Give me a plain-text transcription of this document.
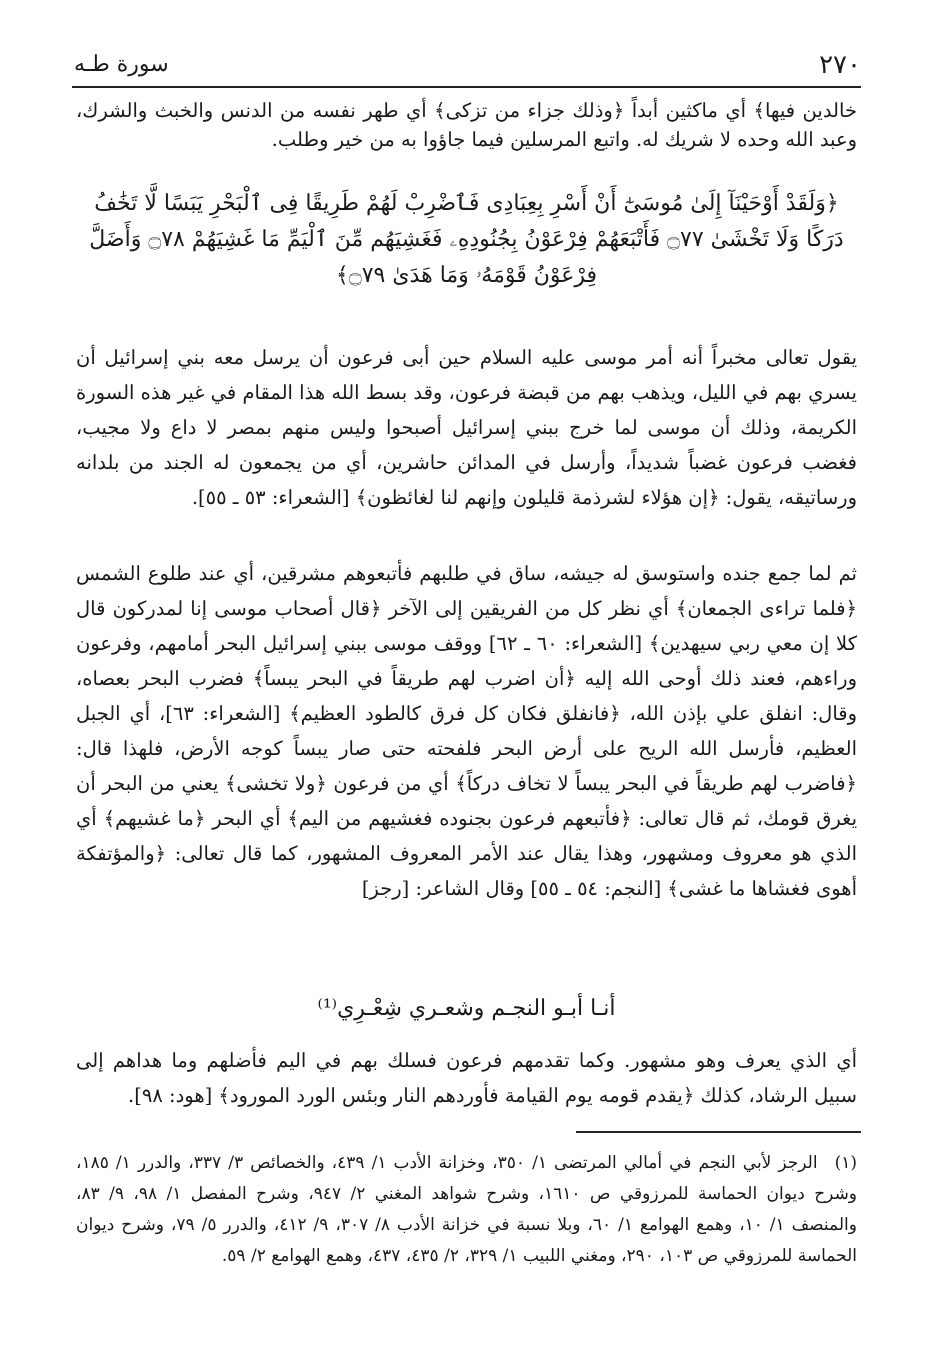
٢٧٠
سورة طـه

خالدين فيها﴾ أي ماكثين أبداً ﴿وذلك جزاء من تزكى﴾ أي طهر نفسه من الدنس والخبث والشرك، وعبد الله وحده لا شريك له. واتبع المرسلين فيما جاؤوا به من خير وطلب.

﴿وَلَقَدْ أَوْحَيْنَآ إِلَىٰ مُوسَىٰٓ أَنْ أَسْرِ بِعِبَادِى فَٱضْرِبْ لَهُمْ طَرِيقًا فِى ٱلْبَحْرِ يَبَسًا لَّا تَخَٰفُ دَرَكًا وَلَا تَخْشَىٰ ۝٧٧ فَأَتْبَعَهُمْ فِرْعَوْنُ بِجُنُودِهِۦ فَغَشِيَهُم مِّنَ ٱلْيَمِّ مَا غَشِيَهُمْ ۝٧٨ وَأَضَلَّ فِرْعَوْنُ قَوْمَهُۥ وَمَا هَدَىٰ ۝٧٩﴾

يقول تعالى مخبراً أنه أمر موسى عليه السلام حين أبى فرعون أن يرسل معه بني إسرائيل أن يسري بهم في الليل، ويذهب بهم من قبضة فرعون، وقد بسط الله هذا المقام في غير هذه السورة الكريمة، وذلك أن موسى لما خرج ببني إسرائيل أصبحوا وليس منهم بمصر لا داع ولا مجيب، فغضب فرعون غضباً شديداً، وأرسل في المدائن حاشرين، أي من يجمعون له الجند من بلدانه ورساتيقه، يقول: ﴿إن هؤلاء لشرذمة قليلون وإنهم لنا لغائظون﴾ [الشعراء: ٥٣ ـ ٥٥].

ثم لما جمع جنده واستوسق له جيشه، ساق في طلبهم فأتبعوهم مشرقين، أي عند طلوع الشمس ﴿فلما تراءى الجمعان﴾ أي نظر كل من الفريقين إلى الآخر ﴿قال أصحاب موسى إنا لمدركون قال كلا إن معي ربي سيهدين﴾ [الشعراء: ٦٠ ـ ٦٢] ووقف موسى ببني إسرائيل البحر أمامهم، وفرعون وراءهم، فعند ذلك أوحى الله إليه ﴿أن اضرب لهم طريقاً في البحر يبساً﴾ فضرب البحر بعصاه، وقال: انفلق علي بإذن الله، ﴿فانفلق فكان كل فرق كالطود العظيم﴾ [الشعراء: ٦٣]، أي الجبل العظيم، فأرسل الله الريح على أرض البحر فلفحته حتى صار يبساً كوجه الأرض، فلهذا قال: ﴿فاضرب لهم طريقاً في البحر يبساً لا تخاف دركاً﴾ أي من فرعون ﴿ولا تخشى﴾ يعني من البحر أن يغرق قومك، ثم قال تعالى: ﴿فأتبعهم فرعون بجنوده فغشيهم من اليم﴾ أي البحر ﴿ما غشيهم﴾ أي الذي هو معروف ومشهور، وهذا يقال عند الأمر المعروف المشهور، كما قال تعالى: ﴿والمؤتفكة أهوى فغشاها ما غشى﴾ [النجم: ٥٤ ـ ٥٥] وقال الشاعر: [رجز]

أنـا أبـو النجـم وشعـري شِعْـرِي⁽¹⁾

أي الذي يعرف وهو مشهور. وكما تقدمهم فرعون فسلك بهم في اليم فأضلهم وما هداهم إلى سبيل الرشاد، كذلك ﴿يقدم قومه يوم القيامة فأوردهم النار وبئس الورد المورود﴾ [هود: ٩٨].

(١) الرجز لأبي النجم في أمالي المرتضى ١/ ٣٥٠، وخزانة الأدب ١/ ٤٣٩، والخصائص ٣/ ٣٣٧، والدرر ١/ ١٨٥، وشرح ديوان الحماسة للمرزوقي ص ١٦١٠، وشرح شواهد المغني ٢/ ٩٤٧، وشرح المفصل ١/ ٩٨، ٩/ ٨٣، والمنصف ١/ ١٠، وهمع الهوامع ١/ ٦٠، وبلا نسبة في خزانة الأدب ٨/ ٣٠٧، ٩/ ٤١٢، والدرر ٥/ ٧٩، وشرح ديوان الحماسة للمرزوقي ص ١٠٣، ٢٩٠، ومغني اللبيب ١/ ٣٢٩، ٢/ ٤٣٥، ٤٣٧، وهمع الهوامع ٢/ ٥٩.
